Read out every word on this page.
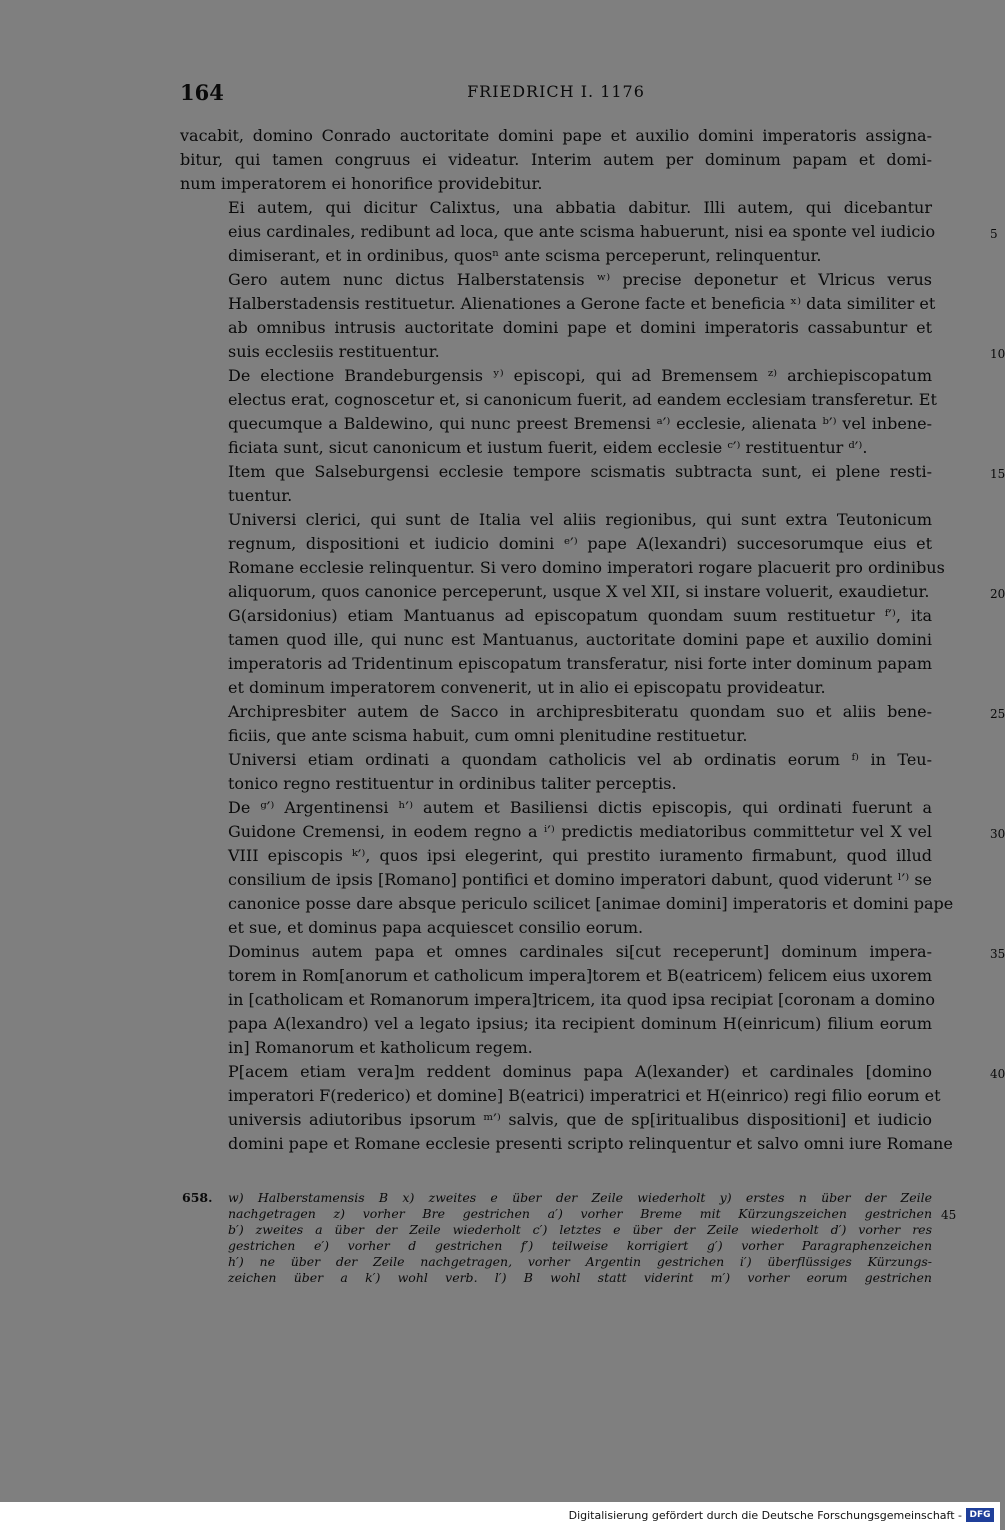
164	FRIEDRICH I. 1176
vacabit, domino Conrado auctoritate domini pape et auxilio domini imperatoris assigna-
bitur, qui tamen congruus ei videatur. Interim autem per dominum papam et domi-
num imperatorem ei honorifice providebitur.
Ei autem, qui dicitur Calixtus, una abbatia dabitur. Illi autem, qui dicebantur
eius cardinales, redibunt ad loca, que ante scisma habuerunt, nisi ea sponte vel iudicio	5
dimiserant, et in ordinibus, quosⁿ ante scisma perceperunt, relinquentur.
Gero autem nunc dictus Halberstatensis ʷ⁾ precise deponetur et Vlricus verus
Halberstadensis restituetur. Alienationes a Gerone facte et beneficia ˣ⁾ data similiter et
ab omnibus intrusis auctoritate domini pape et domini imperatoris cassabuntur et
suis ecclesiis restituentur.	10
De electione Brandeburgensis ʸ⁾ episcopi, qui ad Bremensem ᶻ⁾ archiepiscopatum
electus erat, cognoscetur et, si canonicum fuerit, ad eandem ecclesiam transferetur. Et
quecumque a Baldewino, qui nunc preest Bremensi ᵃ′⁾ ecclesie, alienata ᵇ′⁾ vel inbene-
ficiata sunt, sicut canonicum et iustum fuerit, eidem ecclesie ᶜ′⁾ restituentur ᵈ′⁾.
Item que Salseburgensi ecclesie tempore scismatis subtracta sunt, ei plene resti-	15
tuentur.
Universi clerici, qui sunt de Italia vel aliis regionibus, qui sunt extra Teutonicum
regnum, dispositioni et iudicio domini ᵉ′⁾ pape A(lexandri) succesorumque eius et
Romane ecclesie relinquentur. Si vero domino imperatori rogare placuerit pro ordinibus
aliquorum, quos canonice perceperunt, usque X vel XII, si instare voluerit, exaudietur.	20
G(arsidonius) etiam Mantuanus ad episcopatum quondam suum restituetur ᶠ′⁾, ita
tamen quod ille, qui nunc est Mantuanus, auctoritate domini pape et auxilio domini
imperatoris ad Tridentinum episcopatum transferatur, nisi forte inter dominum papam
et dominum imperatorem convenerit, ut in alio ei episcopatu provideatur.
Archipresbiter autem de Sacco in archipresbiteratu quondam suo et aliis bene-	25
ficiis, que ante scisma habuit, cum omni plenitudine restituetur.
Universi etiam ordinati a quondam catholicis vel ab ordinatis eorum ᶠ⁾ in Teu-
tonico regno restituentur in ordinibus taliter perceptis.
De ᵍ′⁾ Argentinensi ʰ′⁾ autem et Basiliensi dictis episcopis, qui ordinati fuerunt a
Guidone Cremensi, in eodem regno a ⁱ′⁾ predictis mediatoribus committetur vel X vel	30
VIII episcopis ᵏ′⁾, quos ipsi elegerint, qui prestito iuramento firmabunt, quod illud
consilium de ipsis [Romano] pontifici et domino imperatori dabunt, quod viderunt ˡ′⁾ se
canonice posse dare absque periculo scilicet [animae domini] imperatoris et domini pape
et sue, et dominus papa acquiescet consilio eorum.
Dominus autem papa et omnes cardinales si[cut receperunt] dominum impera-	35
torem in Rom[anorum et catholicum impera]torem et B(eatricem) felicem eius uxorem
in [catholicam et Romanorum impera]tricem, ita quod ipsa recipiat [coronam a domino
papa A(lexandro) vel a legato ipsius; ita recipient dominum H(einricum) filium eorum
in] Romanorum et katholicum regem.
P[acem etiam vera]m reddent dominus papa A(lexander) et cardinales [domino	40
imperatori F(rederico) et domine] B(eatrici) imperatrici et H(einrico) regi filio eorum et
universis adiutoribus ipsorum ᵐ′⁾ salvis, que de sp[iritualibus dispositioni] et iudicio
domini pape et Romane ecclesie presenti scripto relinquentur et salvo omni iure Romane
658. w) Halberstamensis B x) zweites e über der Zeile wiederholt y) erstes n über der Zeile
nachgetragen z) vorher Bre gestrichen a′) vorher Breme mit Kürzungszeichen gestrichen 45
b′) zweites a über der Zeile wiederholt c′) letztes e über der Zeile wiederholt d′) vorher res
gestrichen e′) vorher d gestrichen f′) teilweise korrigiert g′) vorher Paragraphenzeichen
h′) ne über der Zeile nachgetragen, vorher Argentin gestrichen i′) überflüssiges Kürzungs-
zeichen über a k′) wohl verb. l′) B wohl statt viderint m′) vorher eorum gestrichen
Digitalisierung gefördert durch die Deutsche Forschungsgemeinschaft - DFG
